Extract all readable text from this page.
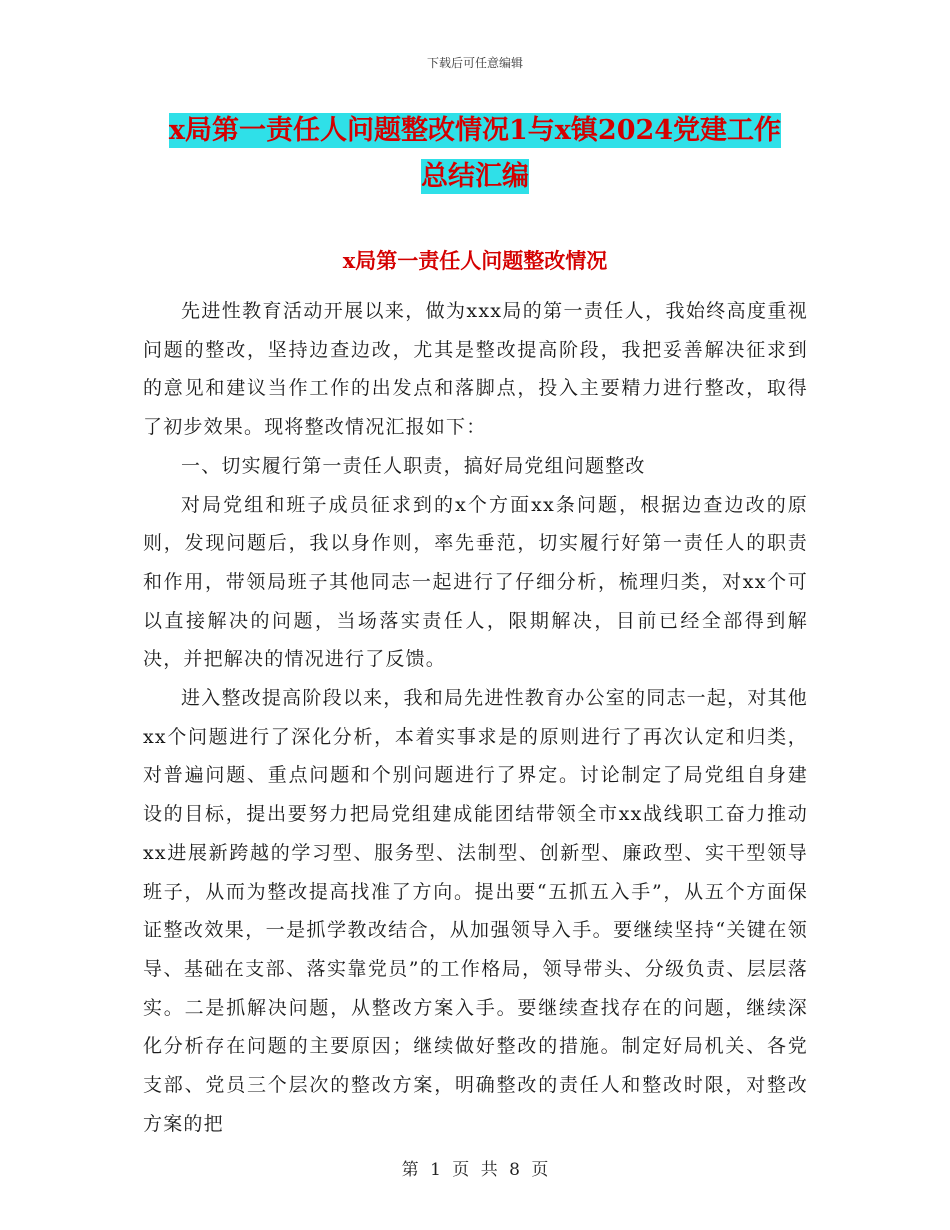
下载后可任意编辑
x局第一责任人问题整改情况1与x镇2024党建工作
总结汇编
x局第一责任人问题整改情况

先进性教育活动开展以来，做为xxx局的第一责任人，我始终高度重视问题的整改，坚持边查边改，尤其是整改提高阶段，我把妥善解决征求到的意见和建议当作工作的出发点和落脚点，投入主要精力进行整改，取得了初步效果。现将整改情况汇报如下：

一、切实履行第一责任人职责，搞好局党组问题整改

对局党组和班子成员征求到的x个方面xx条问题，根据边查边改的原则，发现问题后，我以身作则，率先垂范，切实履行好第一责任人的职责和作用，带领局班子其他同志一起进行了仔细分析，梳理归类，对xx个可以直接解决的问题，当场落实责任人，限期解决，目前已经全部得到解决，并把解决的情况进行了反馈。

进入整改提高阶段以来，我和局先进性教育办公室的同志一起，对其他xx个问题进行了深化分析，本着实事求是的原则进行了再次认定和归类，对普遍问题、重点问题和个别问题进行了界定。讨论制定了局党组自身建设的目标，提出要努力把局党组建成能团结带领全市xx战线职工奋力推动xx进展新跨越的学习型、服务型、法制型、创新型、廉政型、实干型领导班子，从而为整改提高找准了方向。提出要“五抓五入手”，从五个方面保证整改效果，一是抓学教改结合，从加强领导入手。要继续坚持“关键在领导、基础在支部、落实靠党员”的工作格局，领导带头、分级负责、层层落实。二是抓解决问题，从整改方案入手。要继续查找存在的问题，继续深化分析存在问题的主要原因；继续做好整改的措施。制定好局机关、各党支部、党员三个层次的整改方案，明确整改的责任人和整改时限，对整改方案的把

第 1 页 共 8 页
